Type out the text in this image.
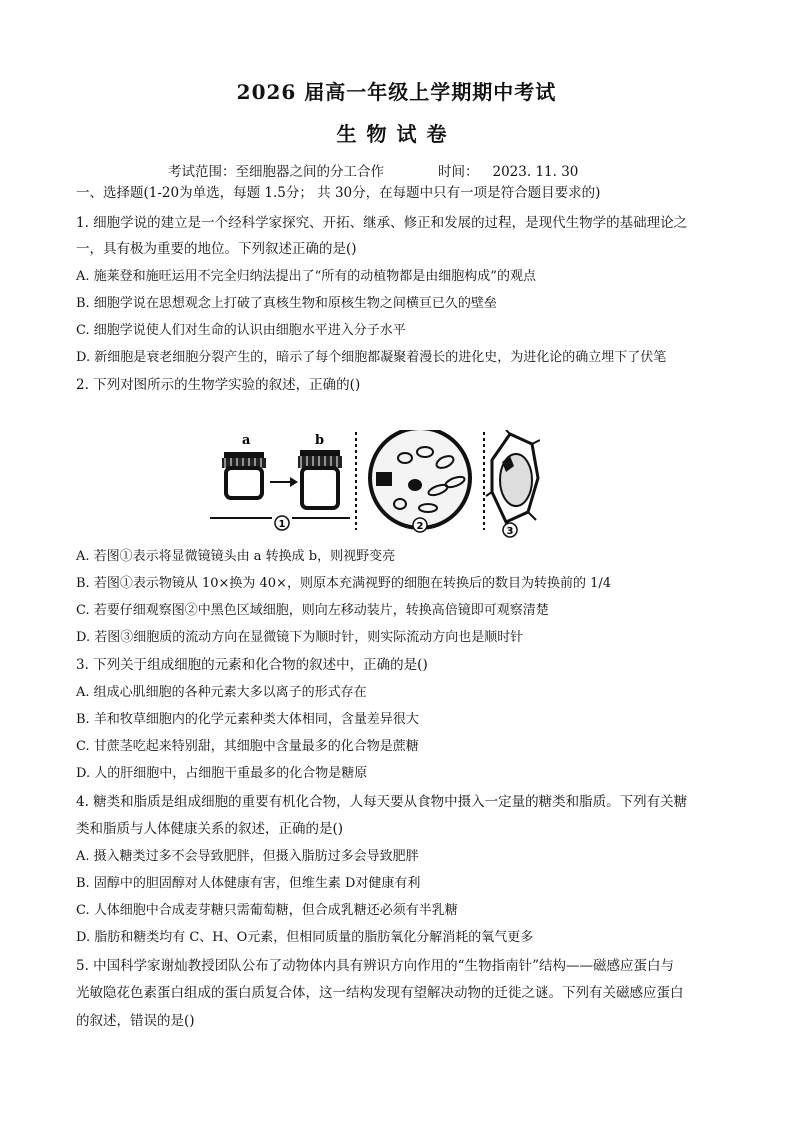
2026 届高一年级上学期期中考试
生物试卷
考试范围：至细胞器之间的分工合作	时间： 2023. 11. 30
一、选择题(1-20为单选，每题 1.5分； 共 30分，在每题中只有一项是符合题目要求的)
1. 细胞学说的建立是一个经科学家探究、开拓、继承、修正和发展的过程，是现代生物学的基础理论之
一，具有极为重要的地位。下列叙述正确的是()
A. 施莱登和施旺运用不完全归纳法提出了“所有的动植物都是由细胞构成”的观点
B. 细胞学说在思想观念上打破了真核生物和原核生物之间横亘已久的壁垒
C. 细胞学说使人们对生命的认识由细胞水平进入分子水平
D. 新细胞是衰老细胞分裂产生的，暗示了每个细胞都凝聚着漫长的进化史，为进化论的确立埋下了伏笔
2. 下列对图所示的生物学实验的叙述，正确的()
a	b
1	2	3
A. 若图①表示将显微镜镜头由 a 转换成 b，则视野变亮
B. 若图①表示物镜从 10×换为 40×，则原本充满视野的细胞在转换后的数目为转换前的 1/4
C. 若要仔细观察图②中黑色区域细胞，则向左移动装片，转换高倍镜即可观察清楚
D. 若图③细胞质的流动方向在显微镜下为顺时针，则实际流动方向也是顺时针
3. 下列关于组成细胞的元素和化合物的叙述中，正确的是()
A. 组成心肌细胞的各种元素大多以离子的形式存在
B. 羊和牧草细胞内的化学元素种类大体相同，含量差异很大
C. 甘蔗茎吃起来特别甜，其细胞中含量最多的化合物是蔗糖
D. 人的肝细胞中，占细胞干重最多的化合物是糖原
4. 糖类和脂质是组成细胞的重要有机化合物，人每天要从食物中摄入一定量的糖类和脂质。下列有关糖
类和脂质与人体健康关系的叙述，正确的是()
A. 摄入糖类过多不会导致肥胖，但摄入脂肪过多会导致肥胖
B. 固醇中的胆固醇对人体健康有害，但维生素 D对健康有利
C. 人体细胞中合成麦芽糖只需葡萄糖，但合成乳糖还必须有半乳糖
D. 脂肪和糖类均有 C、H、O元素，但相同质量的脂肪氧化分解消耗的氧气更多
5. 中国科学家谢灿教授团队公布了动物体内具有辨识方向作用的“生物指南针”结构——磁感应蛋白与
光敏隐花色素蛋白组成的蛋白质复合体，这一结构发现有望解决动物的迁徙之谜。下列有关磁感应蛋白
的叙述，错误的是()
